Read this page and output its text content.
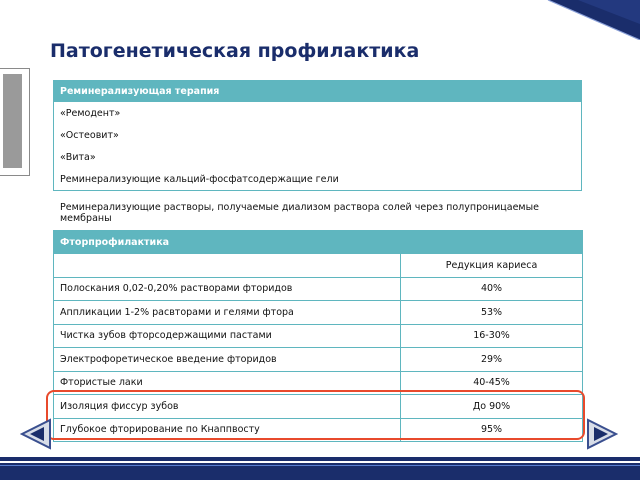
Патогенетическая профилактика
Реминерализующая терапия
«Ремодент»
«Остеовит»
«Вита»
Реминерализующие кальций-фосфатсодержащие гели
Реминерализующие растворы, получаемые диализом раствора солей через полупроницаемые мембраны
Фторпрофилактика	
	Редукция кариеса
Полоскания 0,02-0,20% растворами фторидов	40%
Аппликации 1-2% расвторами и гелями фтора	53%
Чистка зубов фторсодержащими пастами	16-30%
Электрофоретическое введение фторидов	29%
Фтористые лаки	40-45%
Изоляция фиссур зубов	До 90%
Глубокое фторирование по Кнаппвосту	95%
